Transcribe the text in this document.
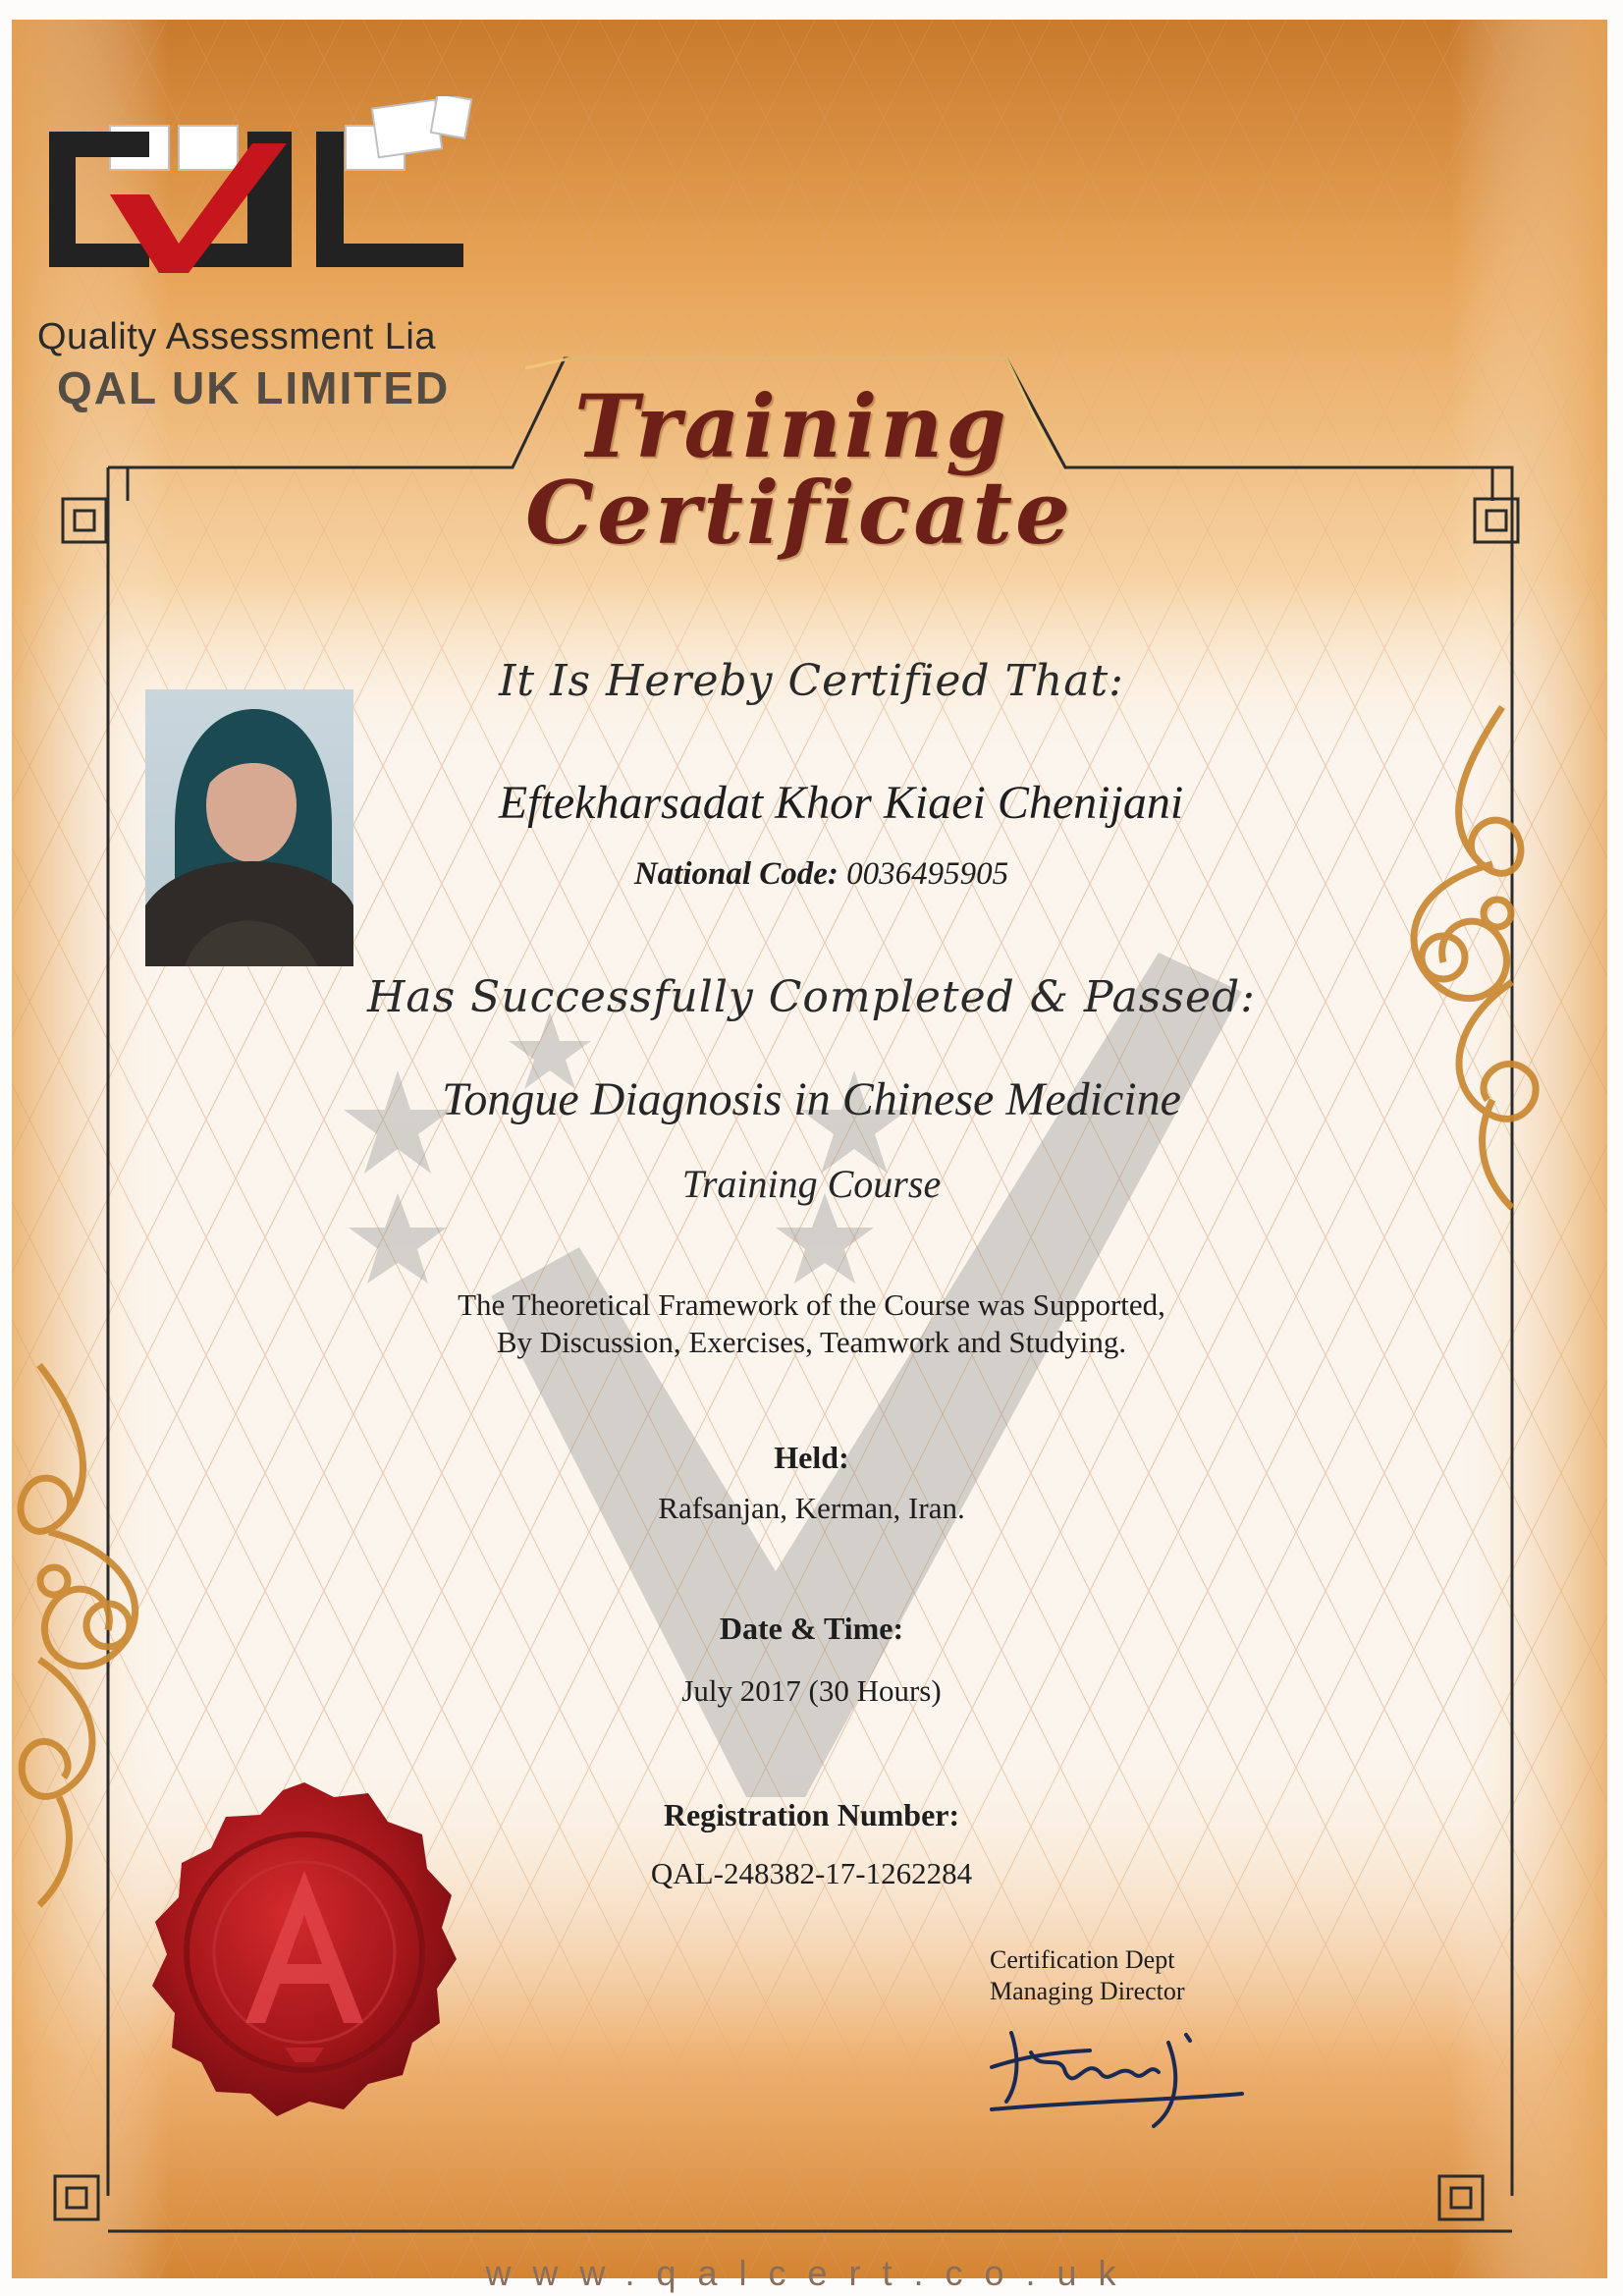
Quality Assessment Lia
QAL UK LIMITED Training
Certificate
It Is Hereby Certified That:
Eftekharsadat Khor Kiaei Chenijani
National Code: 0036495905
Has Successfully Completed & Passed:
Tongue Diagnosis in Chinese Medicine
Training Course
The Theoretical Framework of the Course was Supported,
By Discussion, Exercises, Teamwork and Studying.
Held:
Rafsanjan, Kerman, Iran.
Date & Time:
July 2017 (30 Hours)
Registration Number:
QAL-248382-17-1262284
Certification Dept
Managing Director
www.qalcert.co.uk
